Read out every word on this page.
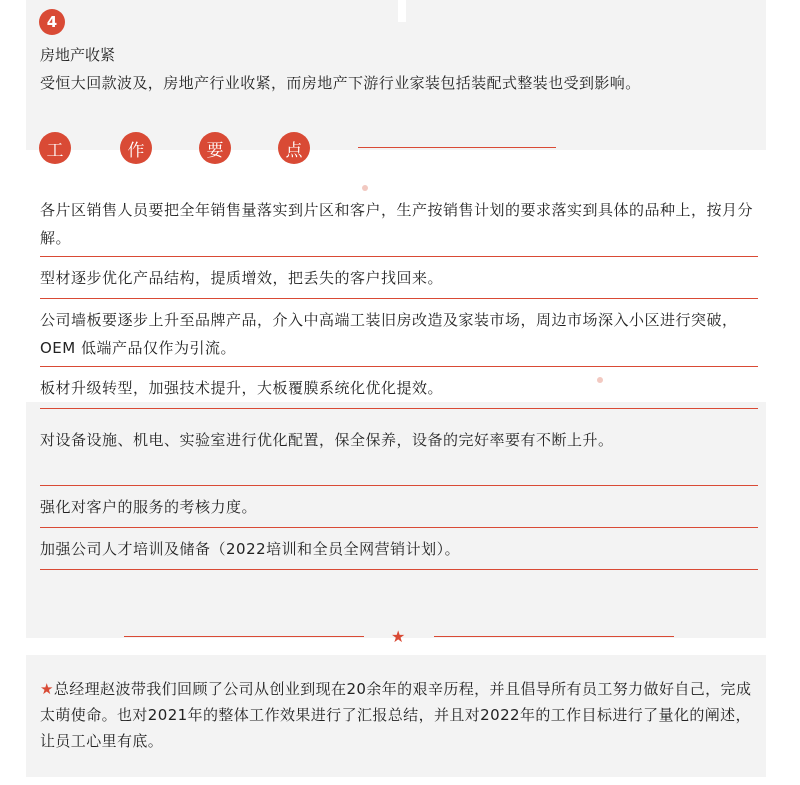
4
房地产收紧
受恒大回款波及，房地产行业收紧，而房地产下游行业家装包括装配式整装也受到影响。
工	作	要	点
各片区销售人员要把全年销售量落实到片区和客户，生产按销售计划的要求落实到具体的品种上，按月分解。
型材逐步优化产品结构，提质增效，把丢失的客户找回来。
公司墙板要逐步上升至品牌产品，介入中高端工装旧房改造及家装市场，周边市场深入小区进行突破，OEM 低端产品仅作为引流。
板材升级转型，加强技术提升，大板覆膜系统化优化提效。
对设备设施、机电、实验室进行优化配置，保全保养，设备的完好率要有不断上升。
强化对客户的服务的考核力度。
加强公司人才培训及储备（2022培训和全员全网营销计划）。
★
★总经理赵波带我们回顾了公司从创业到现在20余年的艰辛历程，并且倡导所有员工努力做好自己，完成太萌使命。也对2021年的整体工作效果进行了汇报总结，并且对2022年的工作目标进行了量化的阐述，让员工心里有底。
